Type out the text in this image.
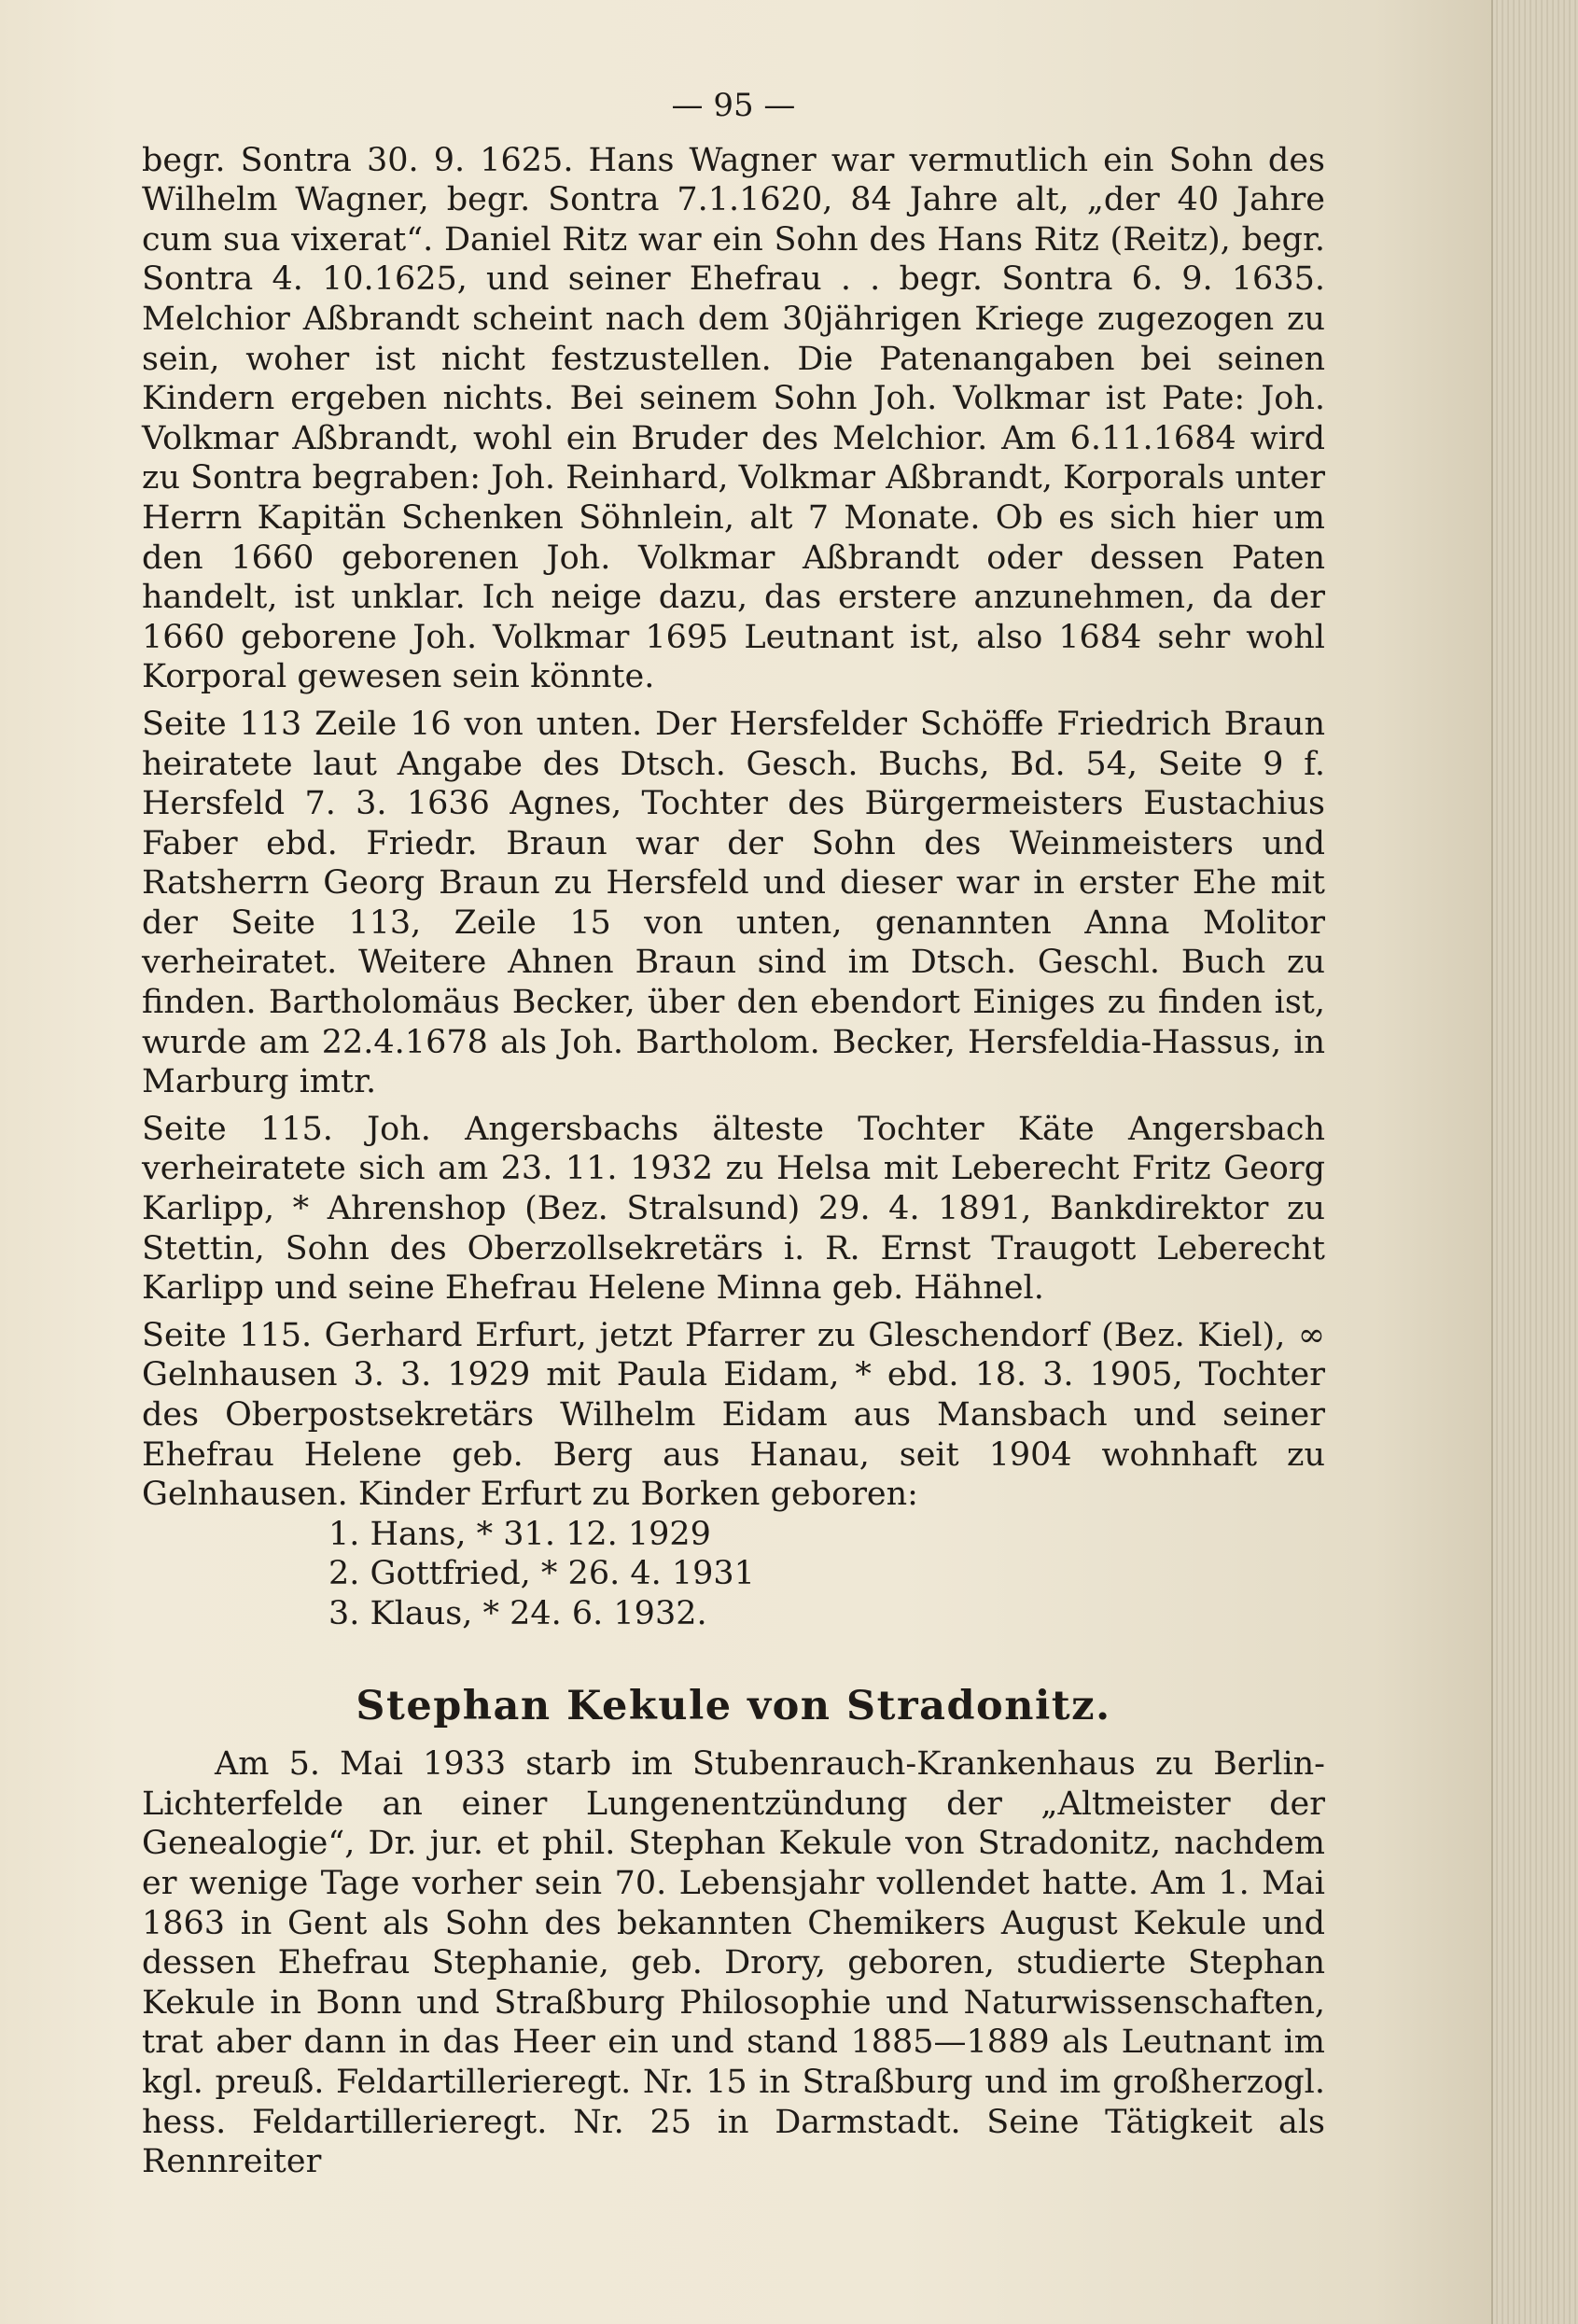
— 95 —

begr. Sontra 30. 9. 1625. Hans Wagner war vermutlich ein Sohn des Wilhelm Wagner, begr. Sontra 7.1.1620, 84 Jahre alt, „der 40 Jahre cum sua vixerat“. Daniel Ritz war ein Sohn des Hans Ritz (Reitz), begr. Sontra 4. 10.1625, und seiner Ehefrau . . begr. Sontra 6. 9. 1635. Melchior Aßbrandt scheint nach dem 30jährigen Kriege zugezogen zu sein, woher ist nicht festzustellen. Die Patenangaben bei seinen Kindern ergeben nichts. Bei seinem Sohn Joh. Volkmar ist Pate: Joh. Volkmar Aßbrandt, wohl ein Bruder des Melchior. Am 6.11.1684 wird zu Sontra begraben: Joh. Reinhard, Volkmar Aßbrandt, Korporals unter Herrn Kapitän Schenken Söhnlein, alt 7 Monate. Ob es sich hier um den 1660 geborenen Joh. Volkmar Aßbrandt oder dessen Paten handelt, ist unklar. Ich neige dazu, das erstere anzunehmen, da der 1660 geborene Joh. Volkmar 1695 Leutnant ist, also 1684 sehr wohl Korporal gewesen sein könnte.

Seite 113 Zeile 16 von unten. Der Hersfelder Schöffe Friedrich Braun heiratete laut Angabe des Dtsch. Gesch. Buchs, Bd. 54, Seite 9 f. Hersfeld 7. 3. 1636 Agnes, Tochter des Bürgermeisters Eustachius Faber ebd. Friedr. Braun war der Sohn des Weinmeisters und Ratsherrn Georg Braun zu Hersfeld und dieser war in erster Ehe mit der Seite 113, Zeile 15 von unten, genannten Anna Molitor verheiratet. Weitere Ahnen Braun sind im Dtsch. Geschl. Buch zu finden. Bartholomäus Becker, über den ebendort Einiges zu finden ist, wurde am 22.4.1678 als Joh. Bartholom. Becker, Hersfeldia-Hassus, in Marburg imtr.

Seite 115. Joh. Angersbachs älteste Tochter Käte Angersbach verheiratete sich am 23. 11. 1932 zu Helsa mit Leberecht Fritz Georg Karlipp, * Ahrenshop (Bez. Stralsund) 29. 4. 1891, Bankdirektor zu Stettin, Sohn des Oberzollsekretärs i. R. Ernst Traugott Leberecht Karlipp und seine Ehefrau Helene Minna geb. Hähnel.

Seite 115. Gerhard Erfurt, jetzt Pfarrer zu Gleschendorf (Bez. Kiel), ∞ Gelnhausen 3. 3. 1929 mit Paula Eidam, * ebd. 18. 3. 1905, Tochter des Oberpostsekretärs Wilhelm Eidam aus Mansbach und seiner Ehefrau Helene geb. Berg aus Hanau, seit 1904 wohnhaft zu Gelnhausen. Kinder Erfurt zu Borken geboren:

1. Hans, * 31. 12. 1929
2. Gottfried, * 26. 4. 1931
3. Klaus, * 24. 6. 1932.
Stephan Kekule von Stradonitz.

Am 5. Mai 1933 starb im Stubenrauch-Krankenhaus zu Berlin-Lichterfelde an einer Lungenentzündung der „Altmeister der Genealogie“, Dr. jur. et phil. Stephan Kekule von Stradonitz, nachdem er wenige Tage vorher sein 70. Lebensjahr vollendet hatte. Am 1. Mai 1863 in Gent als Sohn des bekannten Chemikers August Kekule und dessen Ehefrau Stephanie, geb. Drory, geboren, studierte Stephan Kekule in Bonn und Straßburg Philosophie und Naturwissenschaften, trat aber dann in das Heer ein und stand 1885—1889 als Leutnant im kgl. preuß. Feldartillerieregt. Nr. 15 in Straßburg und im großherzogl. hess. Feldartillerieregt. Nr. 25 in Darmstadt. Seine Tätigkeit als Rennreiter
